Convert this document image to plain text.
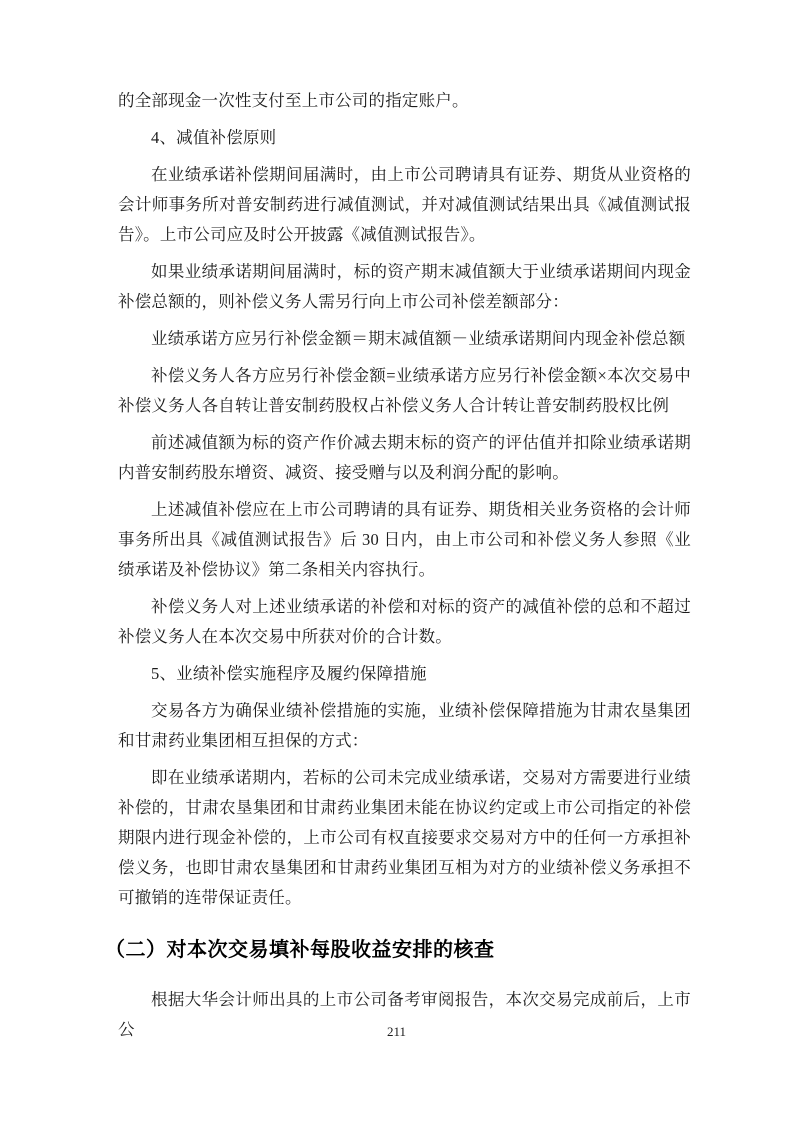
的全部现金一次性支付至上市公司的指定账户。

4、减值补偿原则

在业绩承诺补偿期间届满时，由上市公司聘请具有证券、期货从业资格的会计师事务所对普安制药进行减值测试，并对减值测试结果出具《减值测试报告》。上市公司应及时公开披露《减值测试报告》。

如果业绩承诺期间届满时，标的资产期末减值额大于业绩承诺期间内现金补偿总额的，则补偿义务人需另行向上市公司补偿差额部分：

业绩承诺方应另行补偿金额＝期末减值额－业绩承诺期间内现金补偿总额

补偿义务人各方应另行补偿金额=业绩承诺方应另行补偿金额×本次交易中补偿义务人各自转让普安制药股权占补偿义务人合计转让普安制药股权比例

前述减值额为标的资产作价减去期末标的资产的评估值并扣除业绩承诺期内普安制药股东增资、减资、接受赠与以及利润分配的影响。

上述减值补偿应在上市公司聘请的具有证券、期货相关业务资格的会计师事务所出具《减值测试报告》后 30 日内，由上市公司和补偿义务人参照《业绩承诺及补偿协议》第二条相关内容执行。

补偿义务人对上述业绩承诺的补偿和对标的资产的减值补偿的总和不超过补偿义务人在本次交易中所获对价的合计数。

5、业绩补偿实施程序及履约保障措施

交易各方为确保业绩补偿措施的实施，业绩补偿保障措施为甘肃农垦集团和甘肃药业集团相互担保的方式：

即在业绩承诺期内，若标的公司未完成业绩承诺，交易对方需要进行业绩补偿的，甘肃农垦集团和甘肃药业集团未能在协议约定或上市公司指定的补偿期限内进行现金补偿的，上市公司有权直接要求交易对方中的任何一方承担补偿义务，也即甘肃农垦集团和甘肃药业集团互相为对方的业绩补偿义务承担不可撤销的连带保证责任。

（二）对本次交易填补每股收益安排的核查

根据大华会计师出具的上市公司备考审阅报告，本次交易完成前后，上市公	211
